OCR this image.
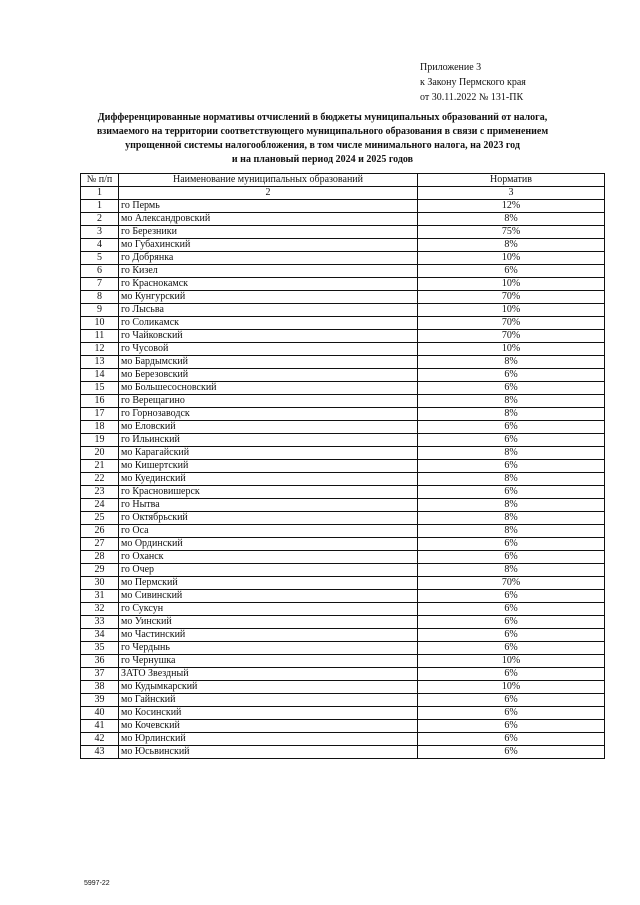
Приложение 3
к Закону Пермского края
от 30.11.2022 № 131-ПК
Дифференцированные нормативы отчислений в бюджеты муниципальных образований от налога,
взимаемого на территории соответствующего муниципального образования в связи с применением
упрощенной системы налогообложения, в том числе минимального налога, на 2023 год
и на плановый период 2024 и 2025 годов
№ п/п	Наименование муниципальных образований	Норматив
1	2	3
1	го Пермь	12%
2	мо Александровский	8%
3	го Березники	75%
4	мо Губахинский	8%
5	го Добрянка	10%
6	го Кизел	6%
7	го Краснокамск	10%
8	мо Кунгурский	70%
9	го Лысьва	10%
10	го Соликамск	70%
11	го Чайковский	70%
12	го Чусовой	10%
13	мо Бардымский	8%
14	мо Березовский	6%
15	мо Большесосновский	6%
16	го Верещагино	8%
17	го Горнозаводск	8%
18	мо Еловский	6%
19	го Ильинский	6%
20	мо Карагайский	8%
21	мо Кишертский	6%
22	мо Куединский	8%
23	го Красновишерск	6%
24	го Нытва	8%
25	го Октябрьский	8%
26	го Оса	8%
27	мо Ординский	6%
28	го Оханск	6%
29	го Очер	8%
30	мо Пермский	70%
31	мо Сивинский	6%
32	го Суксун	6%
33	мо Уинский	6%
34	мо Частинский	6%
35	го Чердынь	6%
36	го Чернушка	10%
37	ЗАТО Звездный	6%
38	мо Кудымкарский	10%
39	мо Гайнский	6%
40	мо Косинский	6%
41	мо Кочевский	6%
42	мо Юрлинский	6%
43	мо Юсьвинский	6%
5997-22
